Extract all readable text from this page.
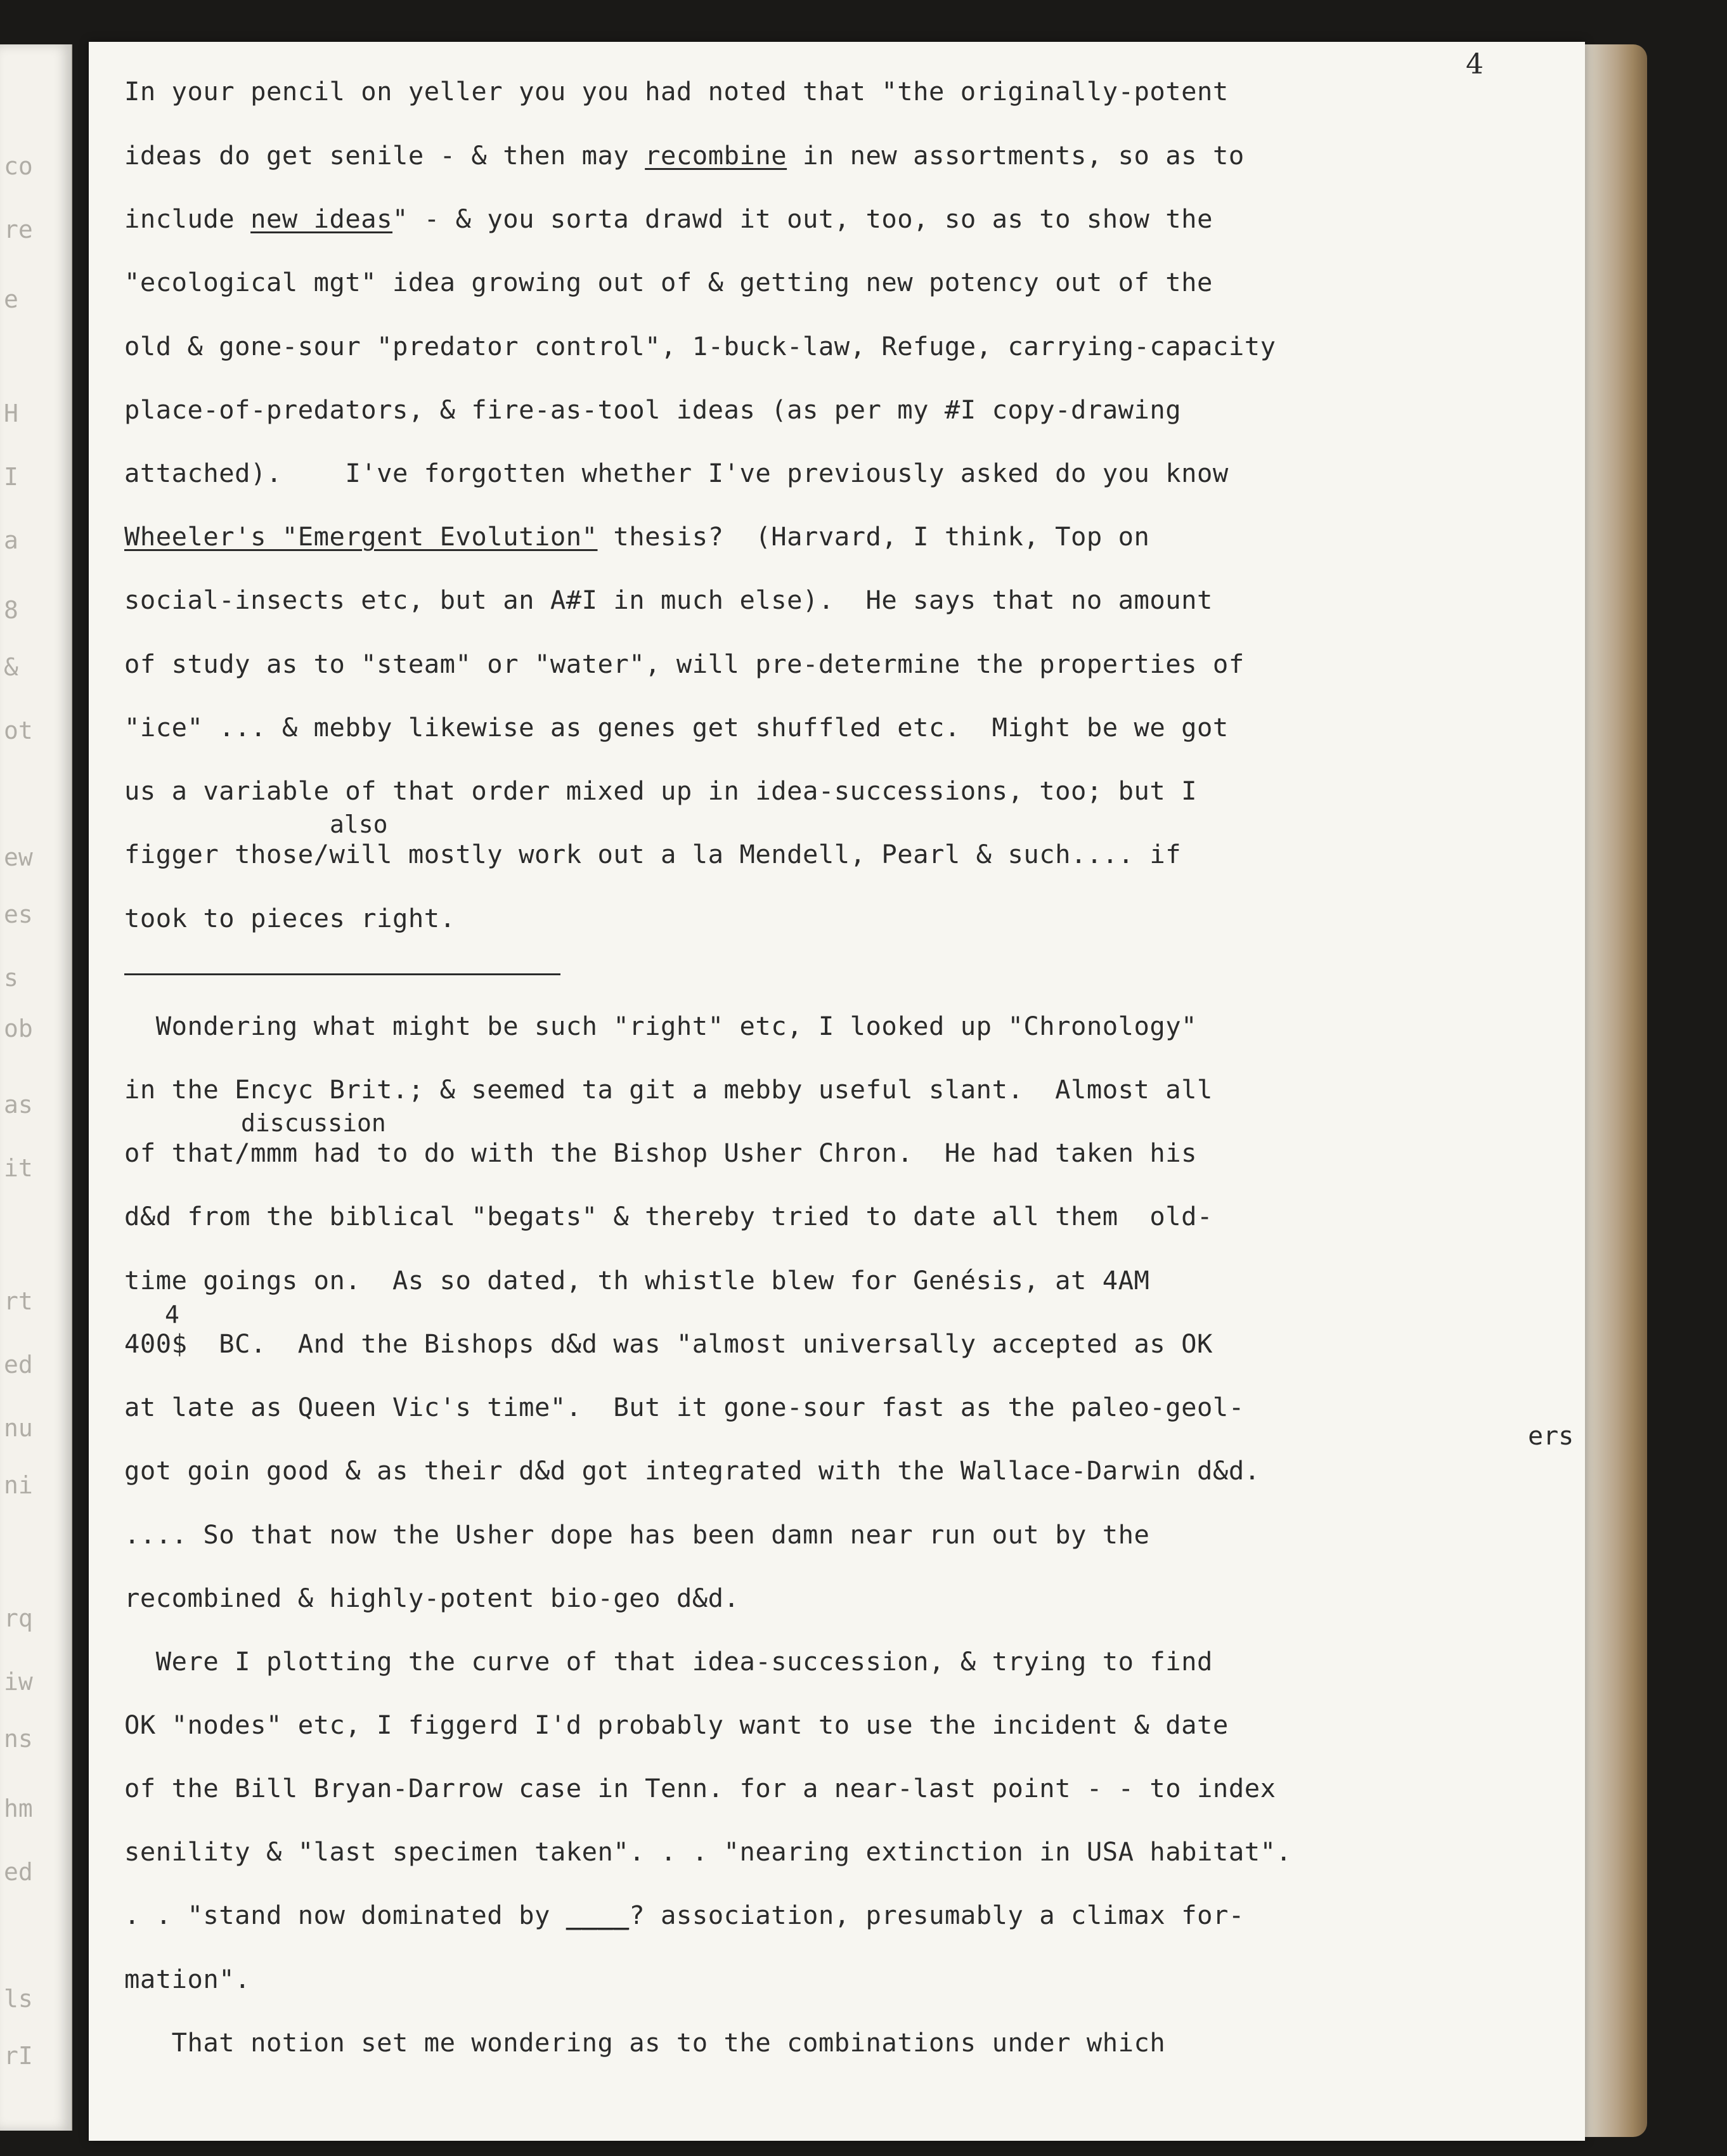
co
re
e
H
I
a
8
&
ot
ew
es
s
ob
as
it
rt
ed
nu
ni
rq
iw
ns
hm
ed
ls
rI
4
In your pencil on yeller you you had noted that "the originally-potent
ideas do get senile - & then may recombine in new assortments, so as to
include new ideas" - & you sorta drawd it out, too, so as to show the
"ecological mgt" idea growing out of & getting new potency out of the
old & gone-sour "predator control", 1-buck-law, Refuge, carrying-capacity
place-of-predators, & fire-as-tool ideas (as per my #I copy-drawing
attached).    I've forgotten whether I've previously asked do you know
Wheeler's "Emergent Evolution" thesis?  (Harvard, I think, Top on
social-insects etc, but an A#I in much else).  He says that no amount
of study as to "steam" or "water", will pre-determine the properties of
"ice" ... & mebby likewise as genes get shuffled etc.  Might be we got
us a variable of that order mixed up in idea-successions, too; but I
figger those/will mostly work out a la Mendell, Pearl & such.... if
took to pieces right.
Wondering what might be such "right" etc, I looked up "Chronology"
in the Encyc Brit.; & seemed ta git a mebby useful slant.  Almost all
of that/mmm had to do with the Bishop Usher Chron.  He had taken his
d&d from the biblical "begats" & thereby tried to date all them  old-
time goings on.  As so dated, th whistle blew for Genésis, at 4AM
400$  BC.  And the Bishops d&d was "almost universally accepted as OK
at late as Queen Vic's time".  But it gone-sour fast as the paleo-geol-
got goin good & as their d&d got integrated with the Wallace-Darwin d&d.
.... So that now the Usher dope has been damn near run out by the
recombined & highly-potent bio-geo d&d.
Were I plotting the curve of that idea-succession, & trying to find
OK "nodes" etc, I figgerd I'd probably want to use the incident & date
of the Bill Bryan-Darrow case in Tenn. for a near-last point - - to index
senility & "last specimen taken". . . "nearing extinction in USA habitat".
. . "stand now dominated by ____? association, presumably a climax for-
mation".
That notion set me wondering as to the combinations under which
also
discussion
4
ers
